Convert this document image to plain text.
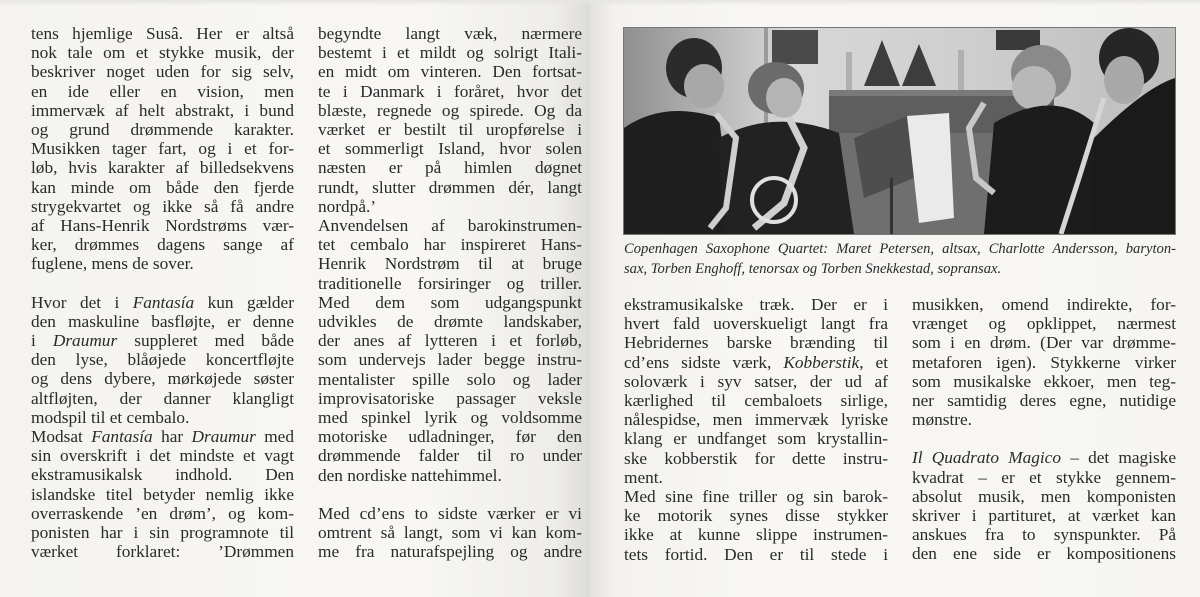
tens hjemlige Susâ. Her er altså
nok tale om et stykke musik, der
beskriver noget uden for sig selv,
en ide eller en vision, men
immervæk af helt abstrakt, i bund
og grund drømmende karakter.
Musikken tager fart, og i et for-
løb, hvis karakter af billedsekvens
kan minde om både den fjerde
strygekvartet og ikke så få andre
af Hans-Henrik Nordstrøms vær-
ker, drømmes dagens sange af
fuglene, mens de sover.

Hvor det i Fantasía kun gælder
den maskuline basfløjte, er denne
i Draumur suppleret med både
den lyse, blåøjede koncertfløjte
og dens dybere, mørkøjede søster
altfløjten, der danner klangligt
modspil til et cembalo.

Modsat Fantasía har Draumur med
sin overskrift i det mindste et vagt
ekstramusikalsk indhold. Den
islandske titel betyder nemlig ikke
overraskende ’en drøm’, og kom-
ponisten har i sin programnote til
værket forklaret: ’Drømmen

begyndte langt væk, nærmere
bestemt i et mildt og solrigt Itali-
en midt om vinteren. Den fortsat-
te i Danmark i foråret, hvor det
blæste, regnede og spirede. Og da
værket er bestilt til uropførelse i
et sommerligt Island, hvor solen
næsten er på himlen døgnet
rundt, slutter drømmen dér, langt
nordpå.’

Anvendelsen af barokinstrumen-
tet cembalo har inspireret Hans-
Henrik Nordstrøm til at bruge
traditionelle forsiringer og triller.
Med dem som udgangspunkt
udvikles de drømte landskaber,
der anes af lytteren i et forløb,
som undervejs lader begge instru-
mentalister spille solo og lader
improvisatoriske passager veksle
med spinkel lyrik og voldsomme
motoriske udladninger, før den
drømmende falder til ro under
den nordiske nattehimmel.

Med cd’ens to sidste værker er vi
omtrent så langt, som vi kan kom-
me fra naturafspejling og andre

Copenhagen Saxophone Quartet: Maret Petersen, altsax, Charlotte Andersson, baryton-
sax, Torben Enghoff, tenorsax og Torben Snekkestad, sopransax.

ekstramusikalske træk. Der er i
hvert fald uoverskueligt langt fra
Hebridernes barske brænding til
cd’ens sidste værk, Kobberstik, et
soloværk i syv satser, der ud af
kærlighed til cembaloets sirlige,
nålespidse, men immervæk lyriske
klang er undfanget som krystallin-
ske kobberstik for dette instru-
ment.

Med sine fine triller og sin barok-
ke motorik synes disse stykker
ikke at kunne slippe instrumen-
tets fortid. Den er til stede i

musikken, omend indirekte, for-
vrænget og opklippet, nærmest
som i en drøm. (Der var drømme-
metaforen igen). Stykkerne virker
som musikalske ekkoer, men teg-
ner samtidig deres egne, nutidige
mønstre.

Il Quadrato Magico – det magiske
kvadrat – er et stykke gennem-
absolut musik, men komponisten
skriver i partituret, at værket kan
anskues fra to synspunkter. På
den ene side er kompositionens
